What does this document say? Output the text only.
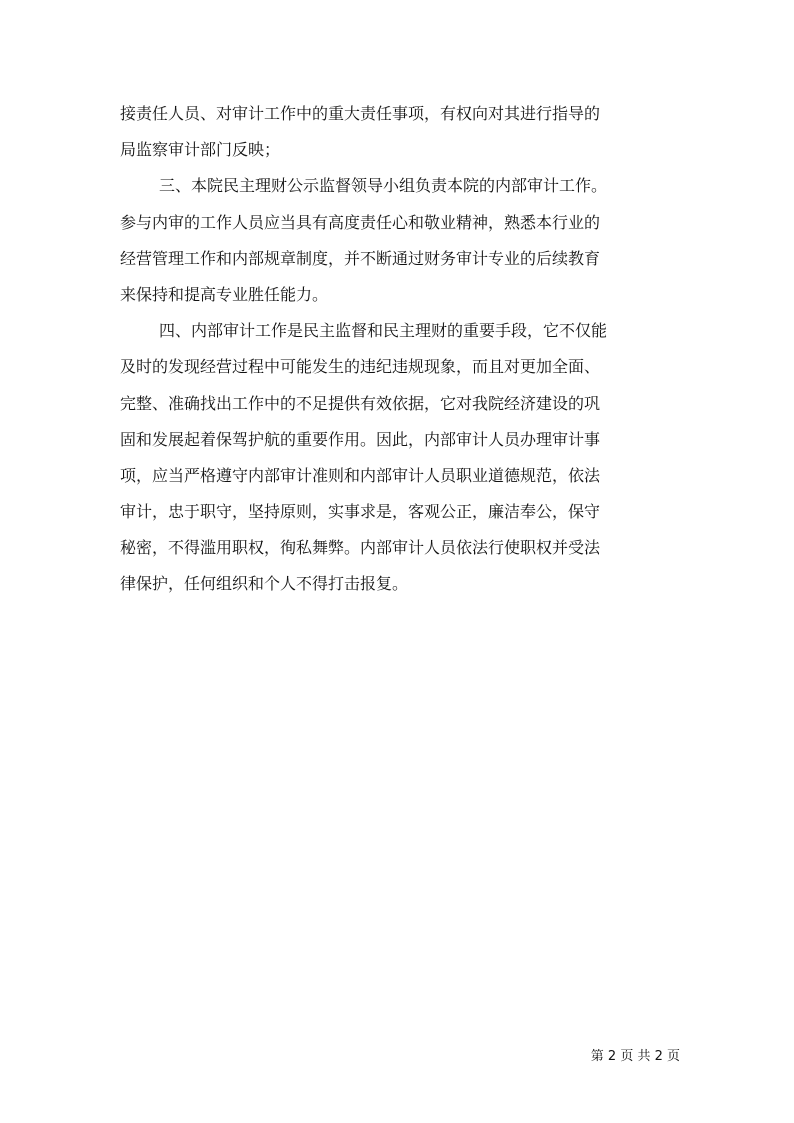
接责任人员、对审计工作中的重大责任事项，有权向对其进行指导的
局监察审计部门反映；
三、本院民主理财公示监督领导小组负责本院的内部审计工作。
参与内审的工作人员应当具有高度责任心和敬业精神，熟悉本行业的
经营管理工作和内部规章制度，并不断通过财务审计专业的后续教育
来保持和提高专业胜任能力。
四、内部审计工作是民主监督和民主理财的重要手段，它不仅能
及时的发现经营过程中可能发生的违纪违规现象，而且对更加全面、
完整、准确找出工作中的不足提供有效依据，它对我院经济建设的巩
固和发展起着保驾护航的重要作用。因此，内部审计人员办理审计事
项，应当严格遵守内部审计准则和内部审计人员职业道德规范，依法
审计，忠于职守，坚持原则，实事求是，客观公正，廉洁奉公，保守
秘密，不得滥用职权，徇私舞弊。内部审计人员依法行使职权并受法
律保护，任何组织和个人不得打击报复。
第 2 页 共 2 页
